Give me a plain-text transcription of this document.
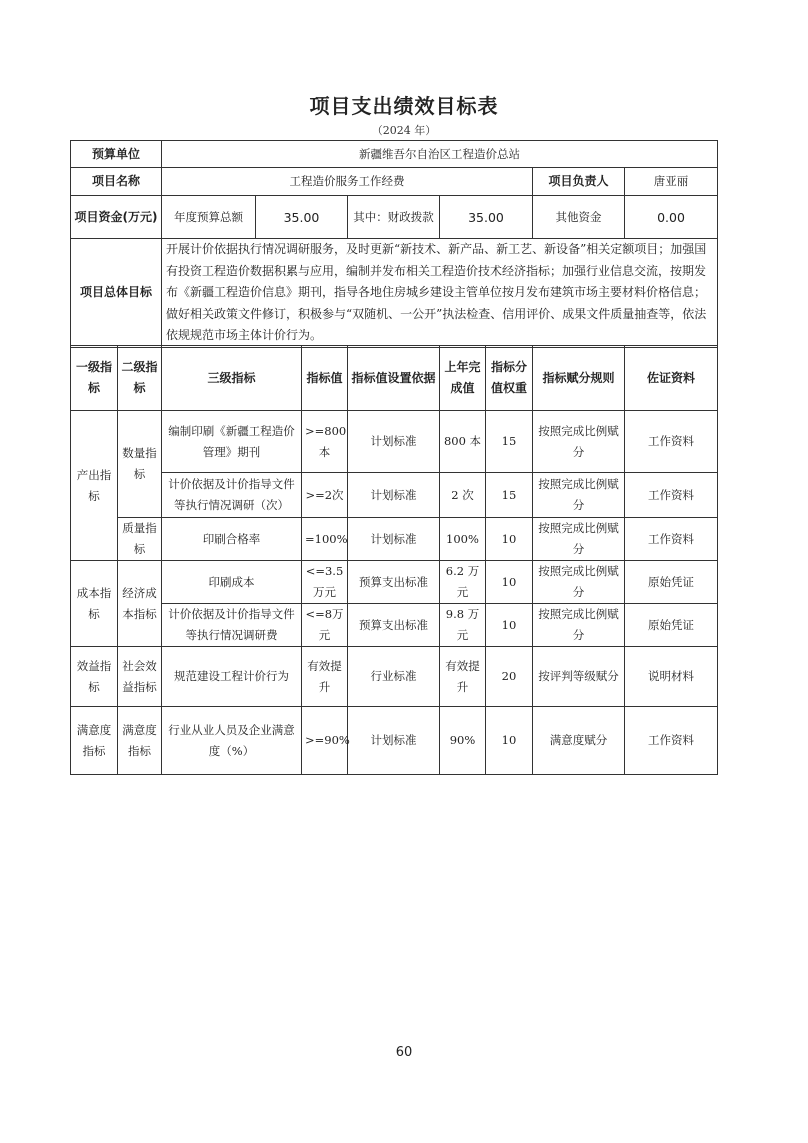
项目支出绩效目标表
（2024 年）
预算单位	新疆维吾尔自治区工程造价总站					
项目名称	工程造价服务工作经费				项目负责人	唐亚丽
项目资金(万元)	年度预算总额	35.00	其中：财政拨款	35.00	其他资金	0.00
项目总体目标	开展计价依据执行情况调研服务，及时更新“新技术、新产品、新工艺、新设备”相关定额项目；加强国有投资工程造价数据积累与应用，编制并发布相关工程造价技术经济指标；加强行业信息交流，按期发布《新疆工程造价信息》期刊，指导各地住房城乡建设主管单位按月发布建筑市场主要材料价格信息；做好相关政策文件修订，积极参与“双随机、一公开”执法检查、信用评价、成果文件质量抽查等，依法依规规范市场主体计价行为。					
一级指标	二级指标	三级指标	指标值	指标值设置依据	上年完成值	指标分值权重	指标赋分规则	佐证资料
产出指标	数量指标	编制印刷《新疆工程造价管理》期刊	>=800本	计划标准	800 本	15	按照完成比例赋分	工作资料
		计价依据及计价指导文件等执行情况调研（次）	>=2次	计划标准	2 次	15	按照完成比例赋分	工作资料
	质量指标	印刷合格率	=100%	计划标准	100%	10	按照完成比例赋分	工作资料
成本指标	经济成本指标	印刷成本	<=3.5万元	预算支出标准	6.2 万元	10	按照完成比例赋分	原始凭证
		计价依据及计价指导文件等执行情况调研费	<=8万元	预算支出标准	9.8 万元	10	按照完成比例赋分	原始凭证
效益指标	社会效益指标	规范建设工程计价行为	有效提升	行业标准	有效提升	20	按评判等级赋分	说明材料
满意度指标	满意度指标	行业从业人员及企业满意度（%）	>=90%	计划标准	90%	10	满意度赋分	工作资料
60
